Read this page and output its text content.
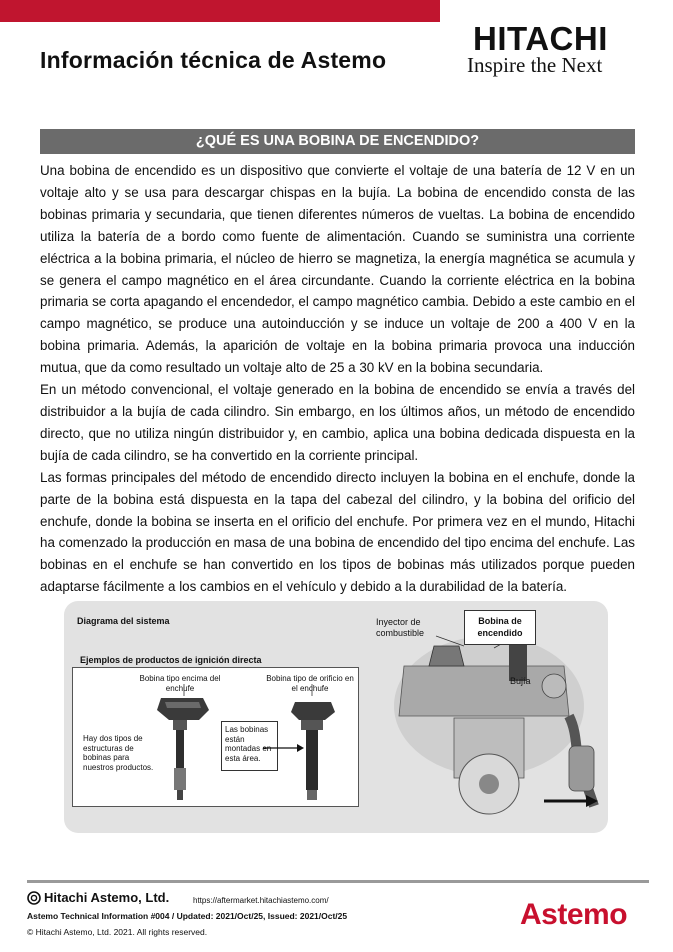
Información técnica de Astemo
HITACHI
Inspire the Next
¿QUÉ ES UNA BOBINA DE ENCENDIDO?

Una bobina de encendido es un dispositivo que convierte el voltaje de una batería de 12 V en un voltaje alto y se usa para descargar chispas en la bujía. La bobina de encendido consta de las bobinas primaria y secundaria, que tienen diferentes números de vueltas. La bobina de encendido utiliza la batería de a bordo como fuente de alimentación. Cuando se suministra una corriente eléctrica a la bobina primaria, el núcleo de hierro se magnetiza, la energía magnética se acumula y se genera el campo magnético en el área circundante. Cuando la corriente eléctrica en la bobina primaria se corta apagando el encendedor, el campo magnético cambia. Debido a este cambio en el campo magnético, se produce una autoinducción y se induce un voltaje de 200 a 400 V en la bobina primaria. Además, la aparición de voltaje en la bobina primaria provoca una inducción mutua, que da como resultado un voltaje alto de 25 a 30 kV en la bobina secundaria.

En un método convencional, el voltaje generado en la bobina de encendido se envía a través del distribuidor a la bujía de cada cilindro. Sin embargo, en los últimos años, un método de encendido directo, que no utiliza ningún distribuidor y, en cambio, aplica una bobina dedicada dispuesta en la bujía de cada cilindro, se ha convertido en la corriente principal.

Las formas principales del método de encendido directo incluyen la bobina en el enchufe, donde la parte de la bobina está dispuesta en la tapa del cabezal del cilindro, y la bobina del orificio del enchufe, donde la bobina se inserta en el orificio del enchufe. Por primera vez en el mundo, Hitachi ha comenzado la producción en masa de una bobina de encendido del tipo encima del enchufe. Las bobinas en el enchufe se han convertido en los tipos de bobinas más utilizados porque pueden adaptarse fácilmente a los cambios en el vehículo y debido a la durabilidad de la batería.

Diagrama del sistema
Ejemplos de productos de ignición directa
Bobina tipo encima del enchufe
Bobina tipo de orificio en el enchufe
Hay dos tipos de estructuras de bobinas para nuestros productos.
Las bobinas están montadas en esta área.
Inyector de combustible
Bobina de encendido
Bujía
Hitachi Astemo, Ltd.	https://aftermarket.hitachiastemo.com/
Astemo Technical Information #004 / Updated: 2021/Oct/25, Issued: 2021/Oct/25
© Hitachi Astemo, Ltd. 2021. All rights reserved.
Astemo
